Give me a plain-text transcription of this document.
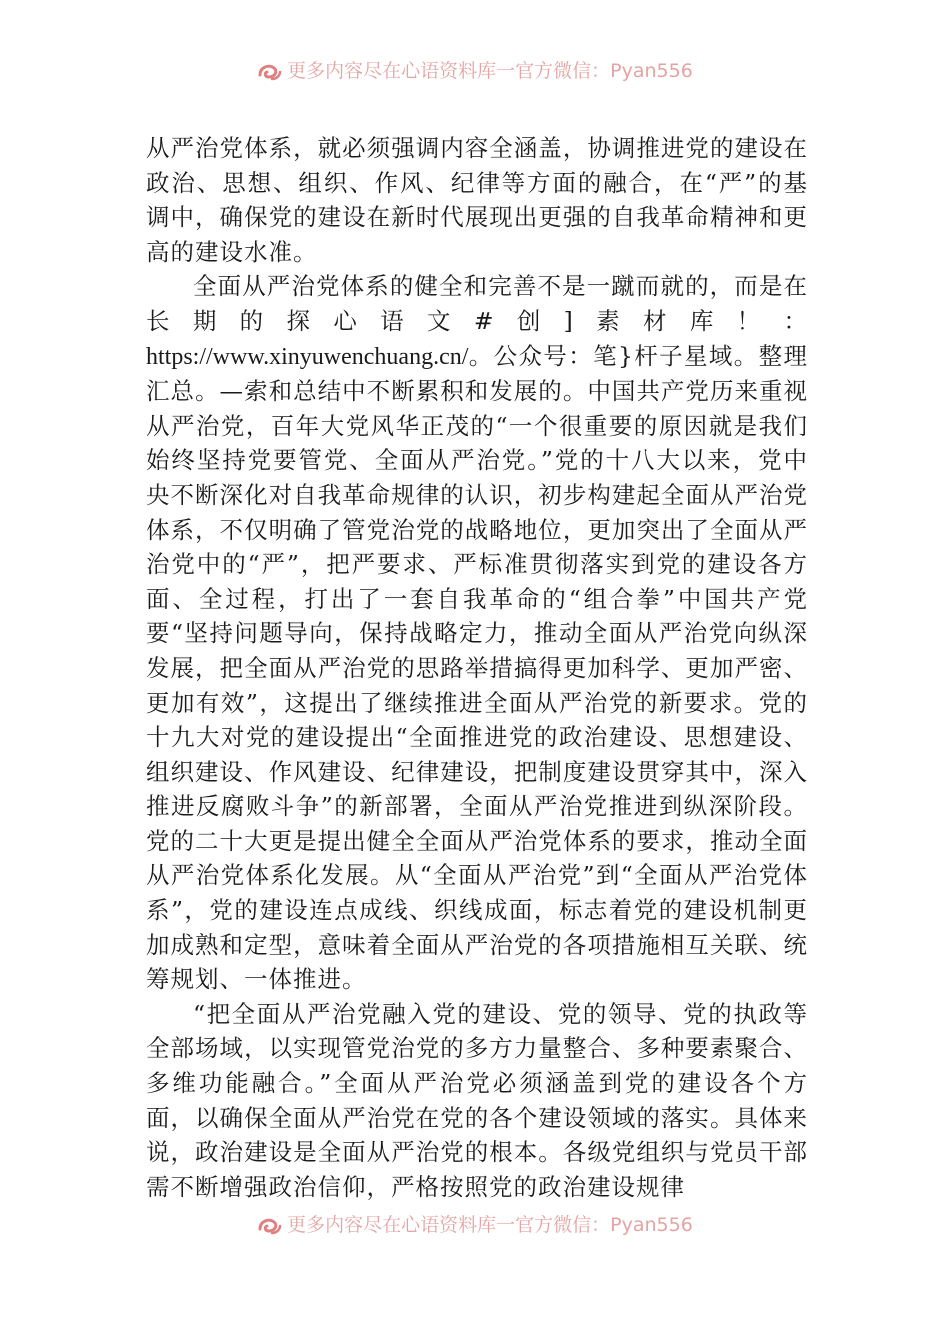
更多内容尽在心语资料库一官方微信：Pyan556

从严治党体系，就必须强调内容全涵盖，协调推进党的建设在政治、思想、组织、作风、纪律等方面的融合，在“严”的基调中，确保党的建设在新时代展现出更强的自我革命精神和更高的建设水准。

全面从严治党体系的健全和完善不是一蹴而就的，而是在长期的探心语文#创]素材库！：https://www.xinyuwenchuang.cn/。公众号：笔}杆子星域。整理汇总。—索和总结中不断累积和发展的。中国共产党历来重视从严治党，百年大党风华正茂的“一个很重要的原因就是我们始终坚持党要管党、全面从严治党。”党的十八大以来，党中央不断深化对自我革命规律的认识，初步构建起全面从严治党体系，不仅明确了管党治党的战略地位，更加突出了全面从严治党中的“严”，把严要求、严标准贯彻落实到党的建设各方面、全过程，打出了一套自我革命的“组合拳”中国共产党要“坚持问题导向，保持战略定力，推动全面从严治党向纵深发展，把全面从严治党的思路举措搞得更加科学、更加严密、更加有效”，这提出了继续推进全面从严治党的新要求。党的十九大对党的建设提出“全面推进党的政治建设、思想建设、组织建设、作风建设、纪律建设，把制度建设贯穿其中，深入推进反腐败斗争”的新部署，全面从严治党推进到纵深阶段。党的二十大更是提出健全全面从严治党体系的要求，推动全面从严治党体系化发展。从“全面从严治党”到“全面从严治党体系”，党的建设连点成线、织线成面，标志着党的建设机制更加成熟和定型，意味着全面从严治党的各项措施相互关联、统筹规划、一体推进。

“把全面从严治党融入党的建设、党的领导、党的执政等全部场域，以实现管党治党的多方力量整合、多种要素聚合、多维功能融合。”全面从严治党必须涵盖到党的建设各个方面，以确保全面从严治党在党的各个建设领域的落实。具体来说，政治建设是全面从严治党的根本。各级党组织与党员干部需不断增强政治信仰，严格按照党的政治建设规律

更多内容尽在心语资料库一官方微信：Pyan556
